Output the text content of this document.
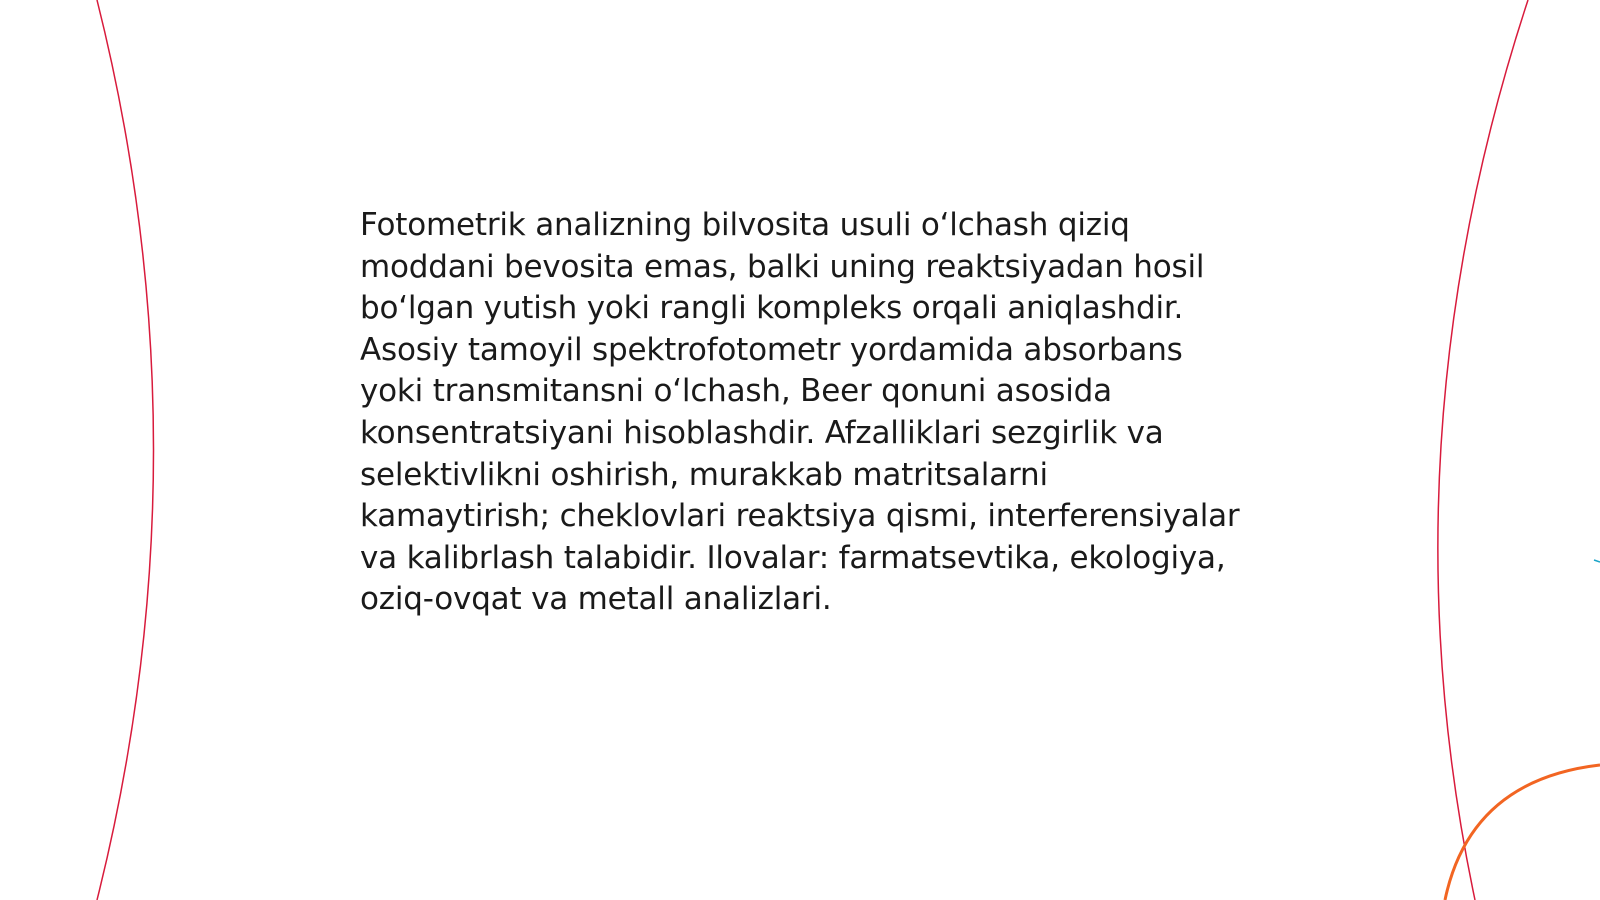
Fotometrik analizning bilvosita usuli oʻlchash qiziq moddani bevosita emas, balki uning reaktsiyadan hosil boʻlgan yutish yoki rangli kompleks orqali aniqlashdir. Asosiy tamoyil spektrofotometr yordamida absorbans yoki transmitansni oʻlchash, Beer qonuni asosida konsentratsiyani hisoblashdir. Afzalliklari sezgirlik va selektivlikni oshirish, murakkab matritsalarni kamaytirish; cheklovlari reaktsiya qismi, interferensiyalar va kalibrlash talabidir. Ilovalar: farmatsevtika, ekologiya, oziq-ovqat va metall analizlari.
